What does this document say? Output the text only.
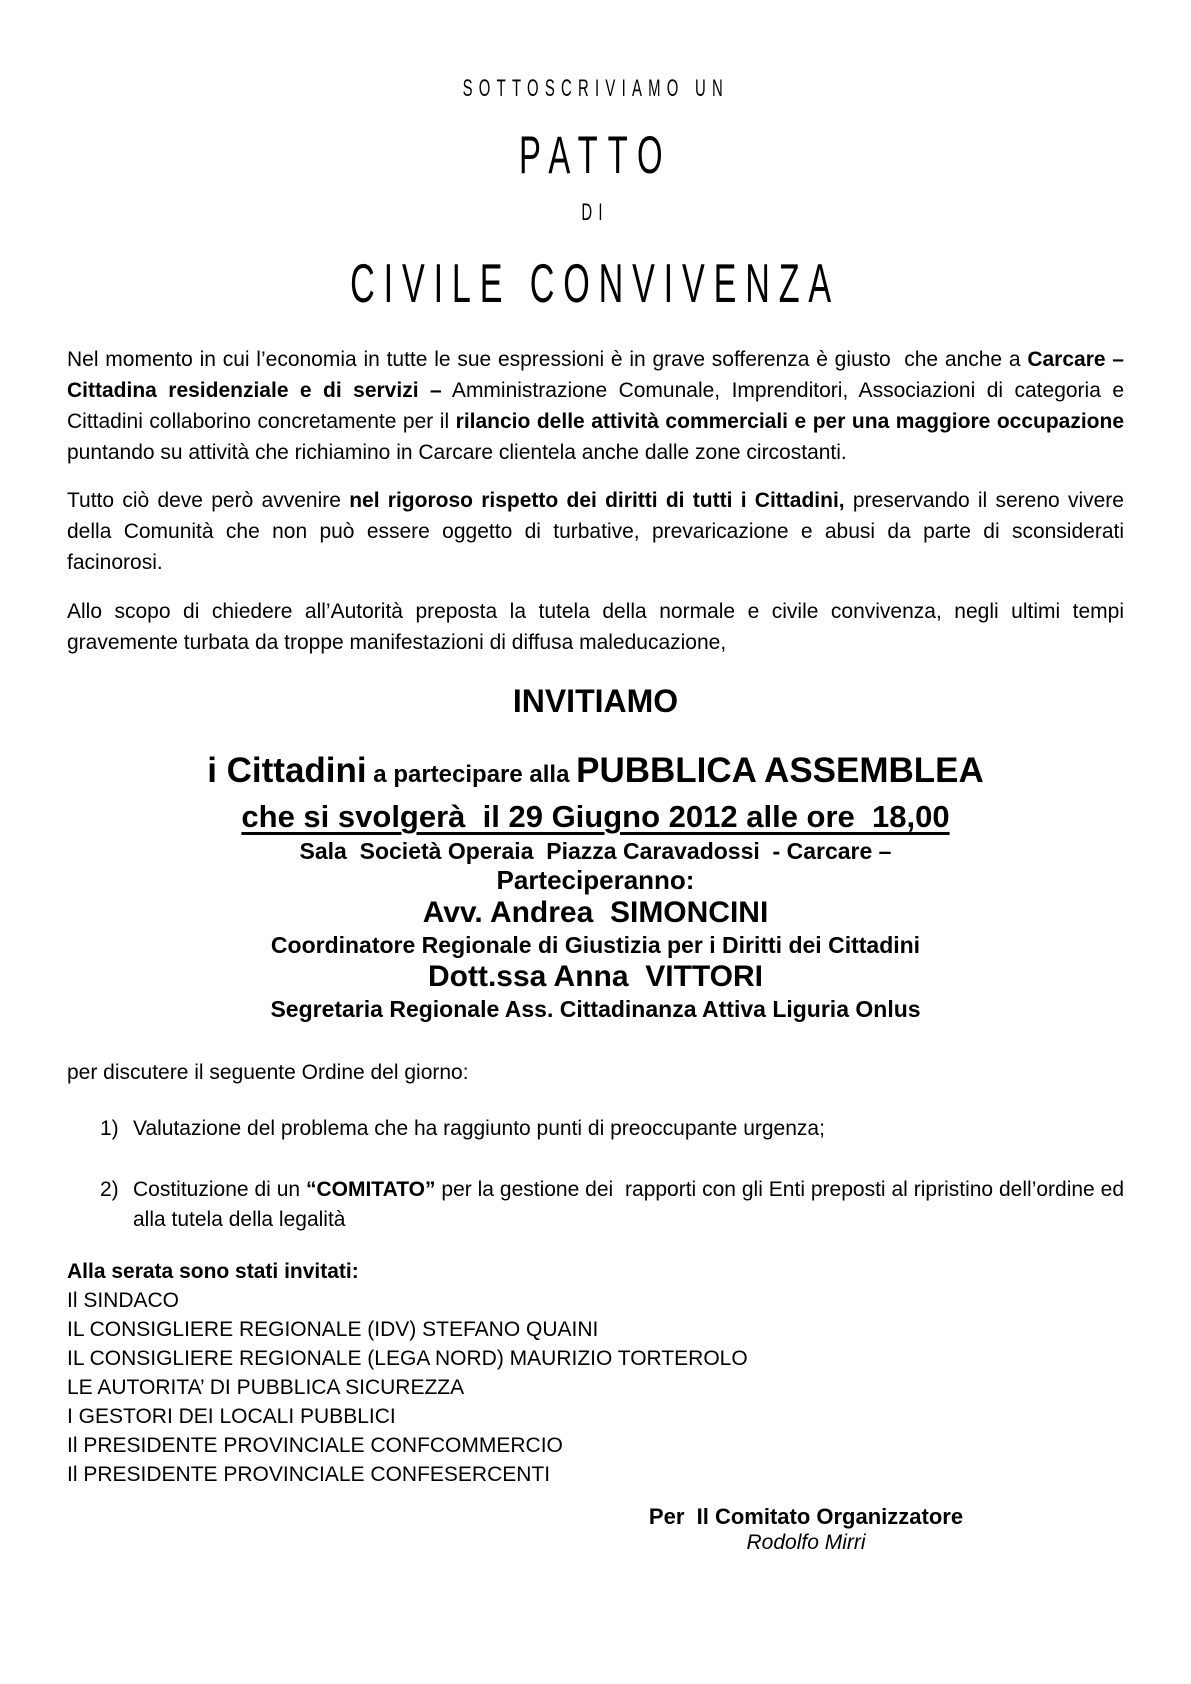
SOTTOSCRIVIAMO UN
PATTO
DI
CIVILE CONVIVENZA
Nel momento in cui l’economia in tutte le sue espressioni è in grave sofferenza è giusto  che anche a Carcare – Cittadina residenziale e di servizi – Amministrazione Comunale, Imprenditori, Associazioni di categoria e Cittadini collaborino concretamente per il rilancio delle attività commerciali e per una maggiore occupazione puntando su attività che richiamino in Carcare clientela anche dalle zone circostanti.
Tutto ciò deve però avvenire nel rigoroso rispetto dei diritti di tutti i Cittadini, preservando il sereno vivere della Comunità che non può essere oggetto di turbative, prevaricazione e abusi da parte di sconsiderati facinorosi.
Allo scopo di chiedere all’Autorità preposta la tutela della normale e civile convivenza, negli ultimi tempi gravemente turbata da troppe manifestazioni di diffusa maleducazione,
INVITIAMO
i Cittadini a partecipare alla PUBBLICA ASSEMBLEA
che si svolgerà  il 29 Giugno 2012 alle ore  18,00
Sala  Società Operaia  Piazza Caravadossi  - Carcare –
Parteciperanno:
Avv. Andrea  SIMONCINI
Coordinatore Regionale di Giustizia per i Diritti dei Cittadini
Dott.ssa Anna  VITTORI
Segretaria Regionale Ass. Cittadinanza Attiva Liguria Onlus
per discutere il seguente Ordine del giorno:
1) Valutazione del problema che ha raggiunto punti di preoccupante urgenza;
2) Costituzione di un “COMITATO” per la gestione dei  rapporti con gli Enti preposti al ripristino dell’ordine ed alla tutela della legalità
Alla serata sono stati invitati:
Il SINDACO
IL CONSIGLIERE REGIONALE (IDV) STEFANO QUAINI
IL CONSIGLIERE REGIONALE (LEGA NORD) MAURIZIO TORTEROLO
LE AUTORITA’ DI PUBBLICA SICUREZZA
I GESTORI DEI LOCALI PUBBLICI
Il PRESIDENTE PROVINCIALE CONFCOMMERCIO
Il PRESIDENTE PROVINCIALE CONFESERCENTI
Per  Il Comitato Organizzatore
Rodolfo Mirri
